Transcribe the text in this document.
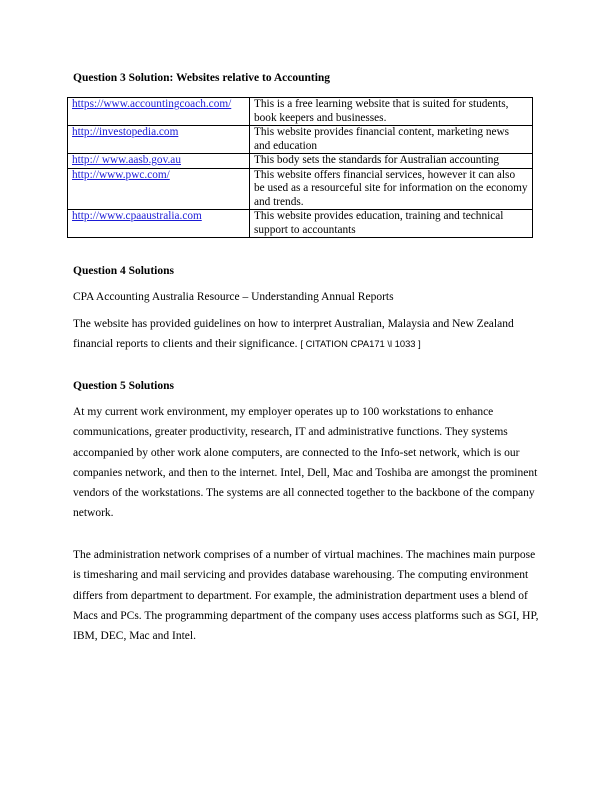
Question 3 Solution: Websites relative to Accounting
https://www.accountingcoach.com/	This is a free learning website that is suited for students, book keepers and businesses.
http://investopedia.com	This website provides financial content, marketing news and education
http:// www.aasb.gov.au	This body sets the standards for Australian accounting
http://www.pwc.com/	This website offers financial services, however it can also be used as a resourceful site for information on the economy and trends.
http://www.cpaaustralia.com	This website provides education, training and technical support to accountants
Question 4 Solutions
CPA Accounting Australia Resource – Understanding Annual Reports
The website has provided guidelines on how to interpret Australian, Malaysia and New Zealand financial reports to clients and their significance. [ CITATION CPA171 \l 1033 ]
Question 5 Solutions
At my current work environment, my employer operates up to 100 workstations to enhance communications, greater productivity, research, IT and administrative functions. They systems accompanied by other work alone computers, are connected to the Info-set network, which is our companies network, and then to the internet. Intel, Dell, Mac and Toshiba are amongst the prominent vendors of the workstations. The systems are all connected together to the backbone of the company network.
The administration network comprises of a number of virtual machines. The machines main purpose is timesharing and mail servicing and provides database warehousing. The computing environment differs from department to department. For example, the administration department uses a blend of Macs and PCs. The programming department of the company uses access platforms such as SGI, HP, IBM, DEC, Mac and Intel.
